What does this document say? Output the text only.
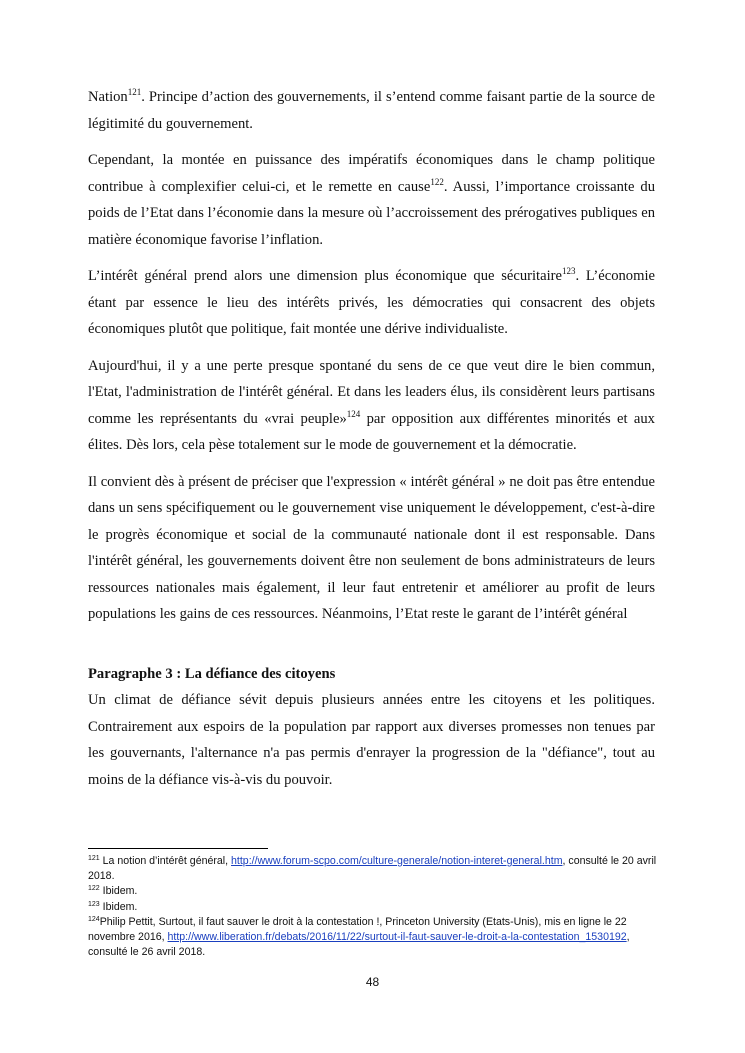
Nation$^{121}$. Principe d’action des gouvernements, il s’entend comme faisant partie de la source de légitimité du gouvernement.

Cependant, la montée en puissance des impératifs économiques dans le champ politique contribue à complexifier celui-ci, et le remette en cause$^{122}$. Aussi, l’importance croissante du poids de l’Etat dans l’économie dans la mesure où l’accroissement des prérogatives publiques en matière économique favorise l’inflation.

L’intérêt général prend alors une dimension plus économique que sécuritaire$^{123}$. L’économie étant par essence le lieu des intérêts privés, les démocraties qui consacrent des objets économiques plutôt que politique, fait montée une dérive individualiste.

Aujourd'hui, il y a une perte presque spontané du sens de ce que veut dire le bien commun, l'Etat, l'administration de l'intérêt général. Et dans les leaders élus, ils considèrent leurs partisans comme les représentants du «vrai peuple»$^{124}$ par opposition aux différentes minorités et aux élites. Dès lors, cela pèse totalement sur le mode de gouvernement et la démocratie.

Il convient dès à présent de préciser que l'expression « intérêt général » ne doit pas être entendue dans un sens spécifiquement ou le gouvernement vise uniquement le développement, c'est-à-dire le progrès économique et social de la communauté nationale dont il est responsable. Dans l'intérêt général, les gouvernements doivent être non seulement de bons administrateurs de leurs ressources nationales mais également, il leur faut entretenir et améliorer au profit de leurs populations les gains de ces ressources. Néanmoins, l’Etat reste le garant de l’intérêt général

Paragraphe 3 : La défiance des citoyens

Un climat de défiance sévit depuis plusieurs années entre les citoyens et les politiques. Contrairement aux espoirs de la population par rapport aux diverses promesses non tenues par les gouvernants, l'alternance n'a pas permis d'enrayer la progression de la "défiance", tout au moins de la défiance vis-à-vis du pouvoir.

$^{121}$ La notion d’intérêt général, http://www.forum-scpo.com/culture-generale/notion-interet-general.htm, consulté le 20 avril 2018.
$^{122}$ Ibidem.
$^{123}$ Ibidem.
$^{124}$Philip Pettit, Surtout, il faut sauver le droit à la contestation !, Princeton University (Etats-Unis), mis en ligne le 22 novembre 2016, http://www.liberation.fr/debats/2016/11/22/surtout-il-faut-sauver-le-droit-a-la-contestation_1530192, consulté le 26 avril 2018.
48
